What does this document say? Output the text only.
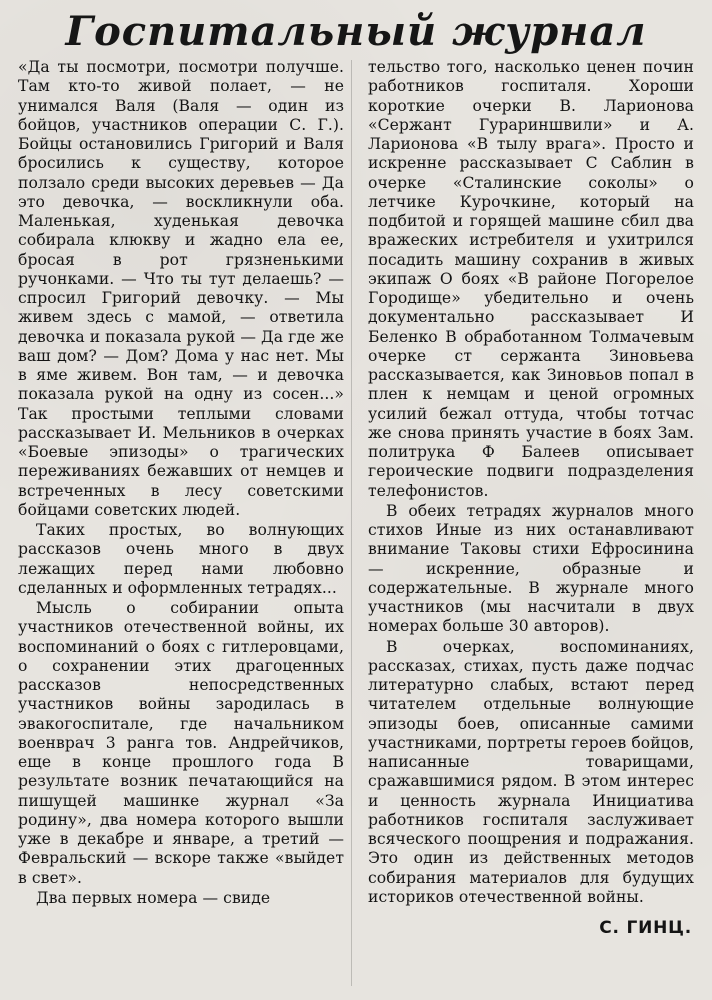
Госпитальный журнал

«Да ты посмотри, посмотри получше. Там кто-то живой полает, — не унимался Валя (Валя — один из бойцов, участников операции С. Г.). Бойцы остановились Григорий и Валя бросились к существу, которое ползало среди высоких деревьев — Да это девочка, — воскликнули оба. Маленькая, худенькая девочка собирала клюкву и жадно ела ее, бросая в рот грязненькими ручонками. — Что ты тут делаешь? — спросил Григорий девочку. — Мы живем здесь с мамой, — ответила девочка и показала рукой — Да где же ваш дом? — Дом? Дома у нас нет. Мы в яме живем. Вон там, — и девочка показала рукой на одну из сосен...» Так простыми теплыми словами рассказывает И. Мельников в очерках «Боевые эпизоды» о трагических переживаниях бежавших от немцев и встреченных в лесу советскими бойцами советских людей.

Таких простых, во волнующих рассказов очень много в двух лежащих перед нами любовно сделанных и оформленных тетрадях...

Мысль о собирании опыта участников отечественной войны, их воспоминаний о боях с гитлеровцами, о сохранении этих драгоценных рассказов непосредственных участников войны зародилась в эвакогоспитале, где начальником военврач 3 ранга тов. Андрейчиков, еще в конце прошлого года В результате возник печатающийся на пишущей машинке журнал «За родину», два номера которого вышли уже в декабре и январе, а третий — Февральский — вскоре также «выйдет в свет».

Два первых номера — свиде

тельство того, насколько ценен почин работников госпиталя. Хороши короткие очерки В. Ларионова «Сержант Гурариншвили» и А. Ларионова «В тылу врага». Просто и искренне рассказывает С Саблин в очерке «Сталинские соколы» о летчике Курочкине, который на подбитой и горящей машине сбил два вражеских истребителя и ухитрился посадить машину сохранив в живых экипаж О боях «В районе Погорелое Городище» убедительно и очень документально рассказывает И Беленко В обработанном Толмачевым очерке ст сержанта Зиновьева рассказывается, как Зиновьов попал в плен к немцам и ценой огромных усилий бежал оттуда, чтобы тотчас же снова принять участие в боях Зам. политрука Ф Балеев описывает героические подвиги подразделения телефонистов.

В обеих тетрадях журналов много стихов Иные из них останавливают внимание Таковы стихи Ефросинина — искренние, образные и содержательные. В журнале много участников (мы насчитали в двух номерах больше 30 авторов).

В очерках, воспоминаниях, рассказах, стихах, пусть даже подчас литературно слабых, встают перед читателем отдельные волнующие эпизоды боев, описанные самими участниками, портреты героев бойцов, написанные товарищами, сражавшимися рядом. В этом интерес и ценность журнала Инициатива работников госпиталя заслуживает всяческого поощрения и подражания. Это один из действенных методов собирания материалов для будущих историков отечественной войны.

С. ГИНЦ.
